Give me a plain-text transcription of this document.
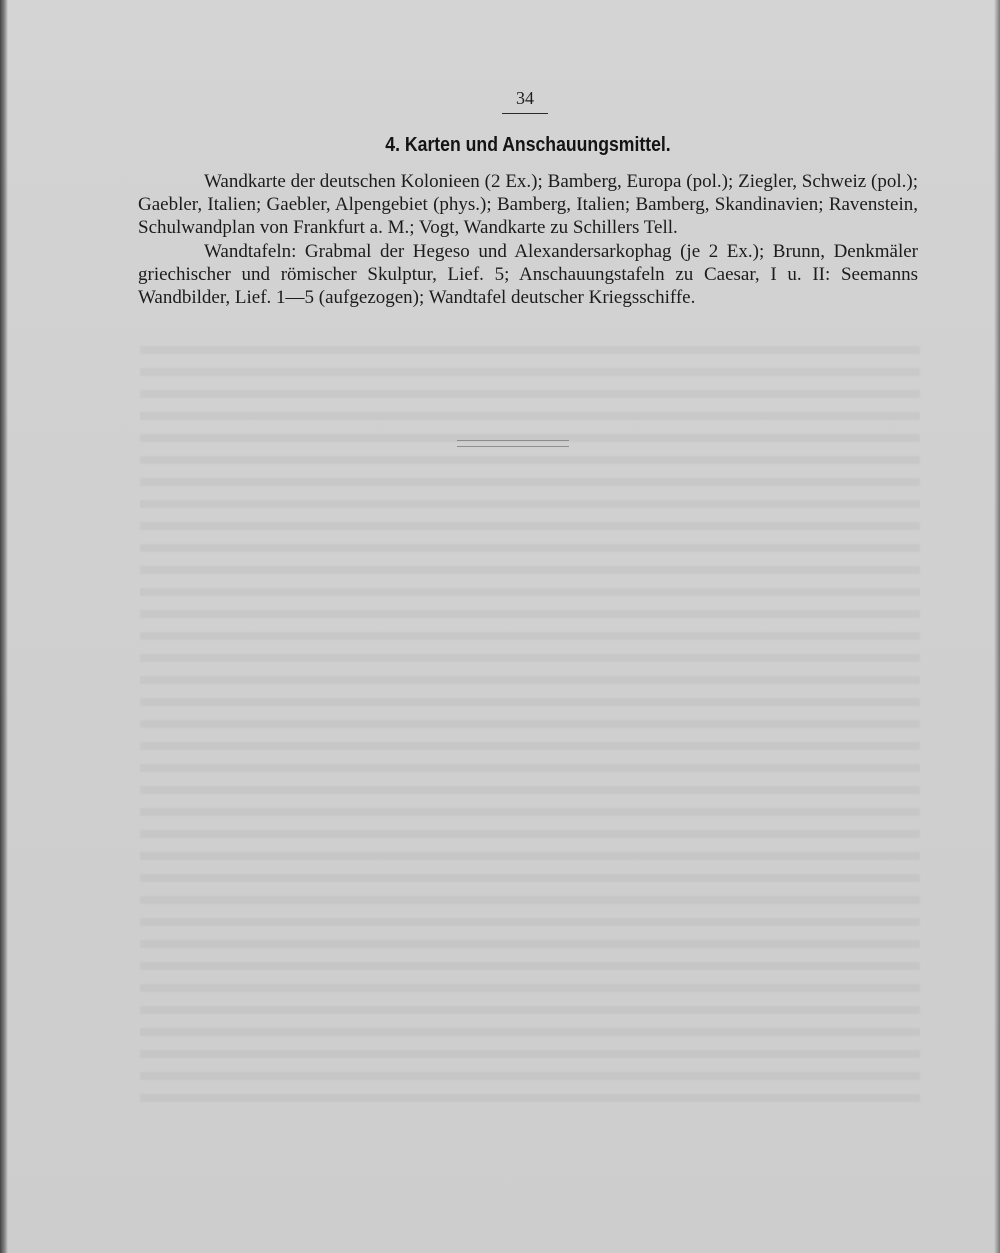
34
4. Karten und Anschauungsmittel.

Wandkarte der deutschen Kolonieen (2 Ex.); Bamberg, Europa (pol.); Ziegler, Schweiz (pol.); Gaebler, Italien; Gaebler, Alpengebiet (phys.); Bamberg, Italien; Bamberg, Skandinavien; Ravenstein, Schulwandplan von Frankfurt a. M.; Vogt, Wandkarte zu Schillers Tell.

Wandtafeln: Grabmal der Hegeso und Alexandersarkophag (je 2 Ex.); Brunn, Denkmäler griechischer und römischer Skulptur, Lief. 5; Anschauungstafeln zu Caesar, I u. II: Seemanns Wandbilder, Lief. 1—5 (aufgezogen); Wandtafel deutscher Kriegsschiffe.
